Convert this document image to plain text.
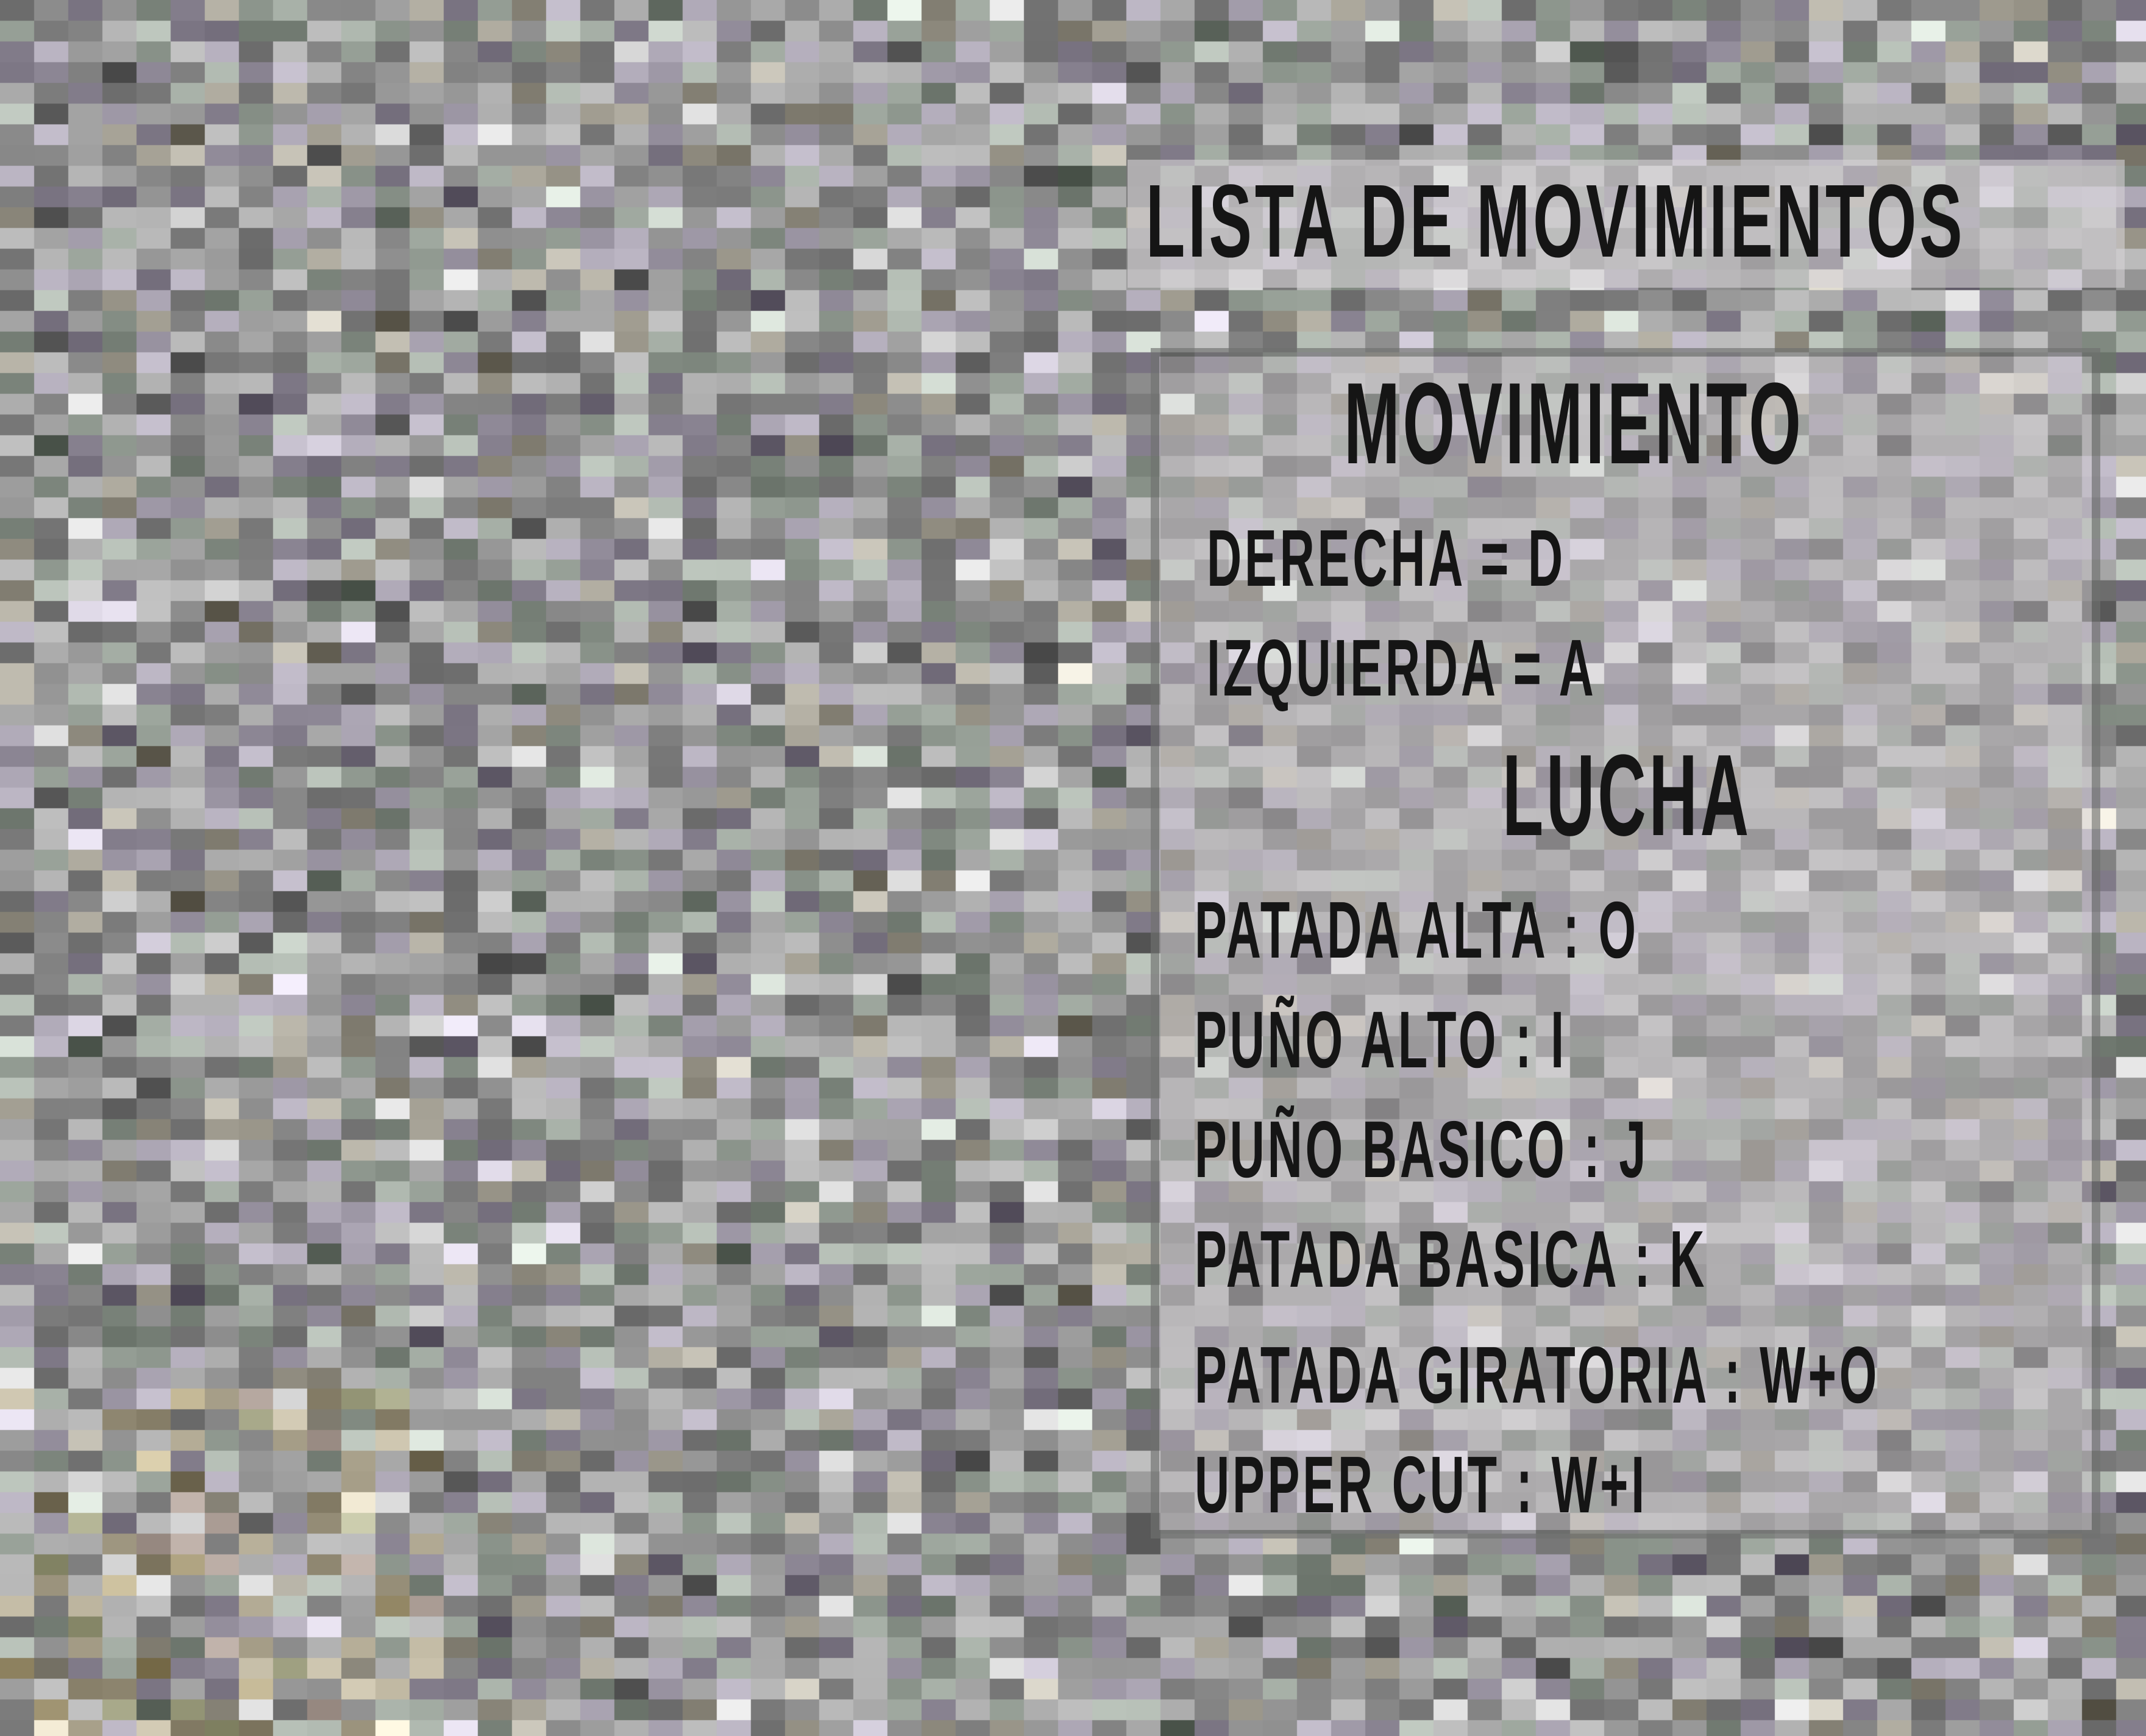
LISTA DE MOVIMIENTOS
MOVIMIENTO
DERECHA = D
IZQUIERDA = A
LUCHA
PATADA ALTA : O
PUÑO ALTO : I
PUÑO BASICO : J
PATADA BASICA : K
PATADA GIRATORIA : W+O
UPPER CUT : W+I
